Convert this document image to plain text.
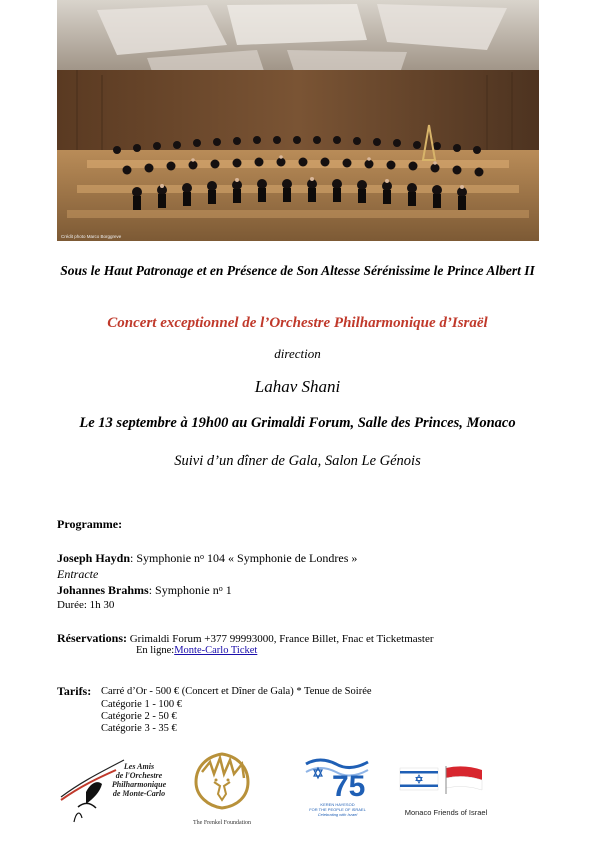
Crédit photo Marco Borggreve
Sous le Haut Patronage et en Présence de Son Altesse Sérénissime le Prince Albert II
Concert exceptionnel de l’Orchestre Philharmonique d’Israël
direction
Lahav Shani
Le 13 septembre à 19h00 au Grimaldi Forum, Salle des Princes, Monaco
Suivi d’un dîner de Gala, Salon Le Génois
Programme:
Joseph Haydn: Symphonie $n^o$ 104 « Symphonie de Londres »
Entracte
Johannes Brahms: Symphonie $n^o$ 1
Durée: 1h 30
Réservations: Grimaldi Forum +377 99993000, France Billet, Fnac et Ticketmaster
En ligne:Monte-Carlo Ticket
Tarifs: Carré d’Or - 500 € (Concert et Dîner de Gala) * Tenue de Soirée
Catégorie 1 - 100 €
Catégorie 2 - 50 €
Catégorie 3 - 35 €
Les Amis
de l'Orchestre
Philharmonique
de Monte-Carlo
The Frenkel Foundation
75
KEREN HAYESOD
FOR THE PEOPLE OF ISRAEL
Celebrating with Israel	Monaco Friends of Israel
